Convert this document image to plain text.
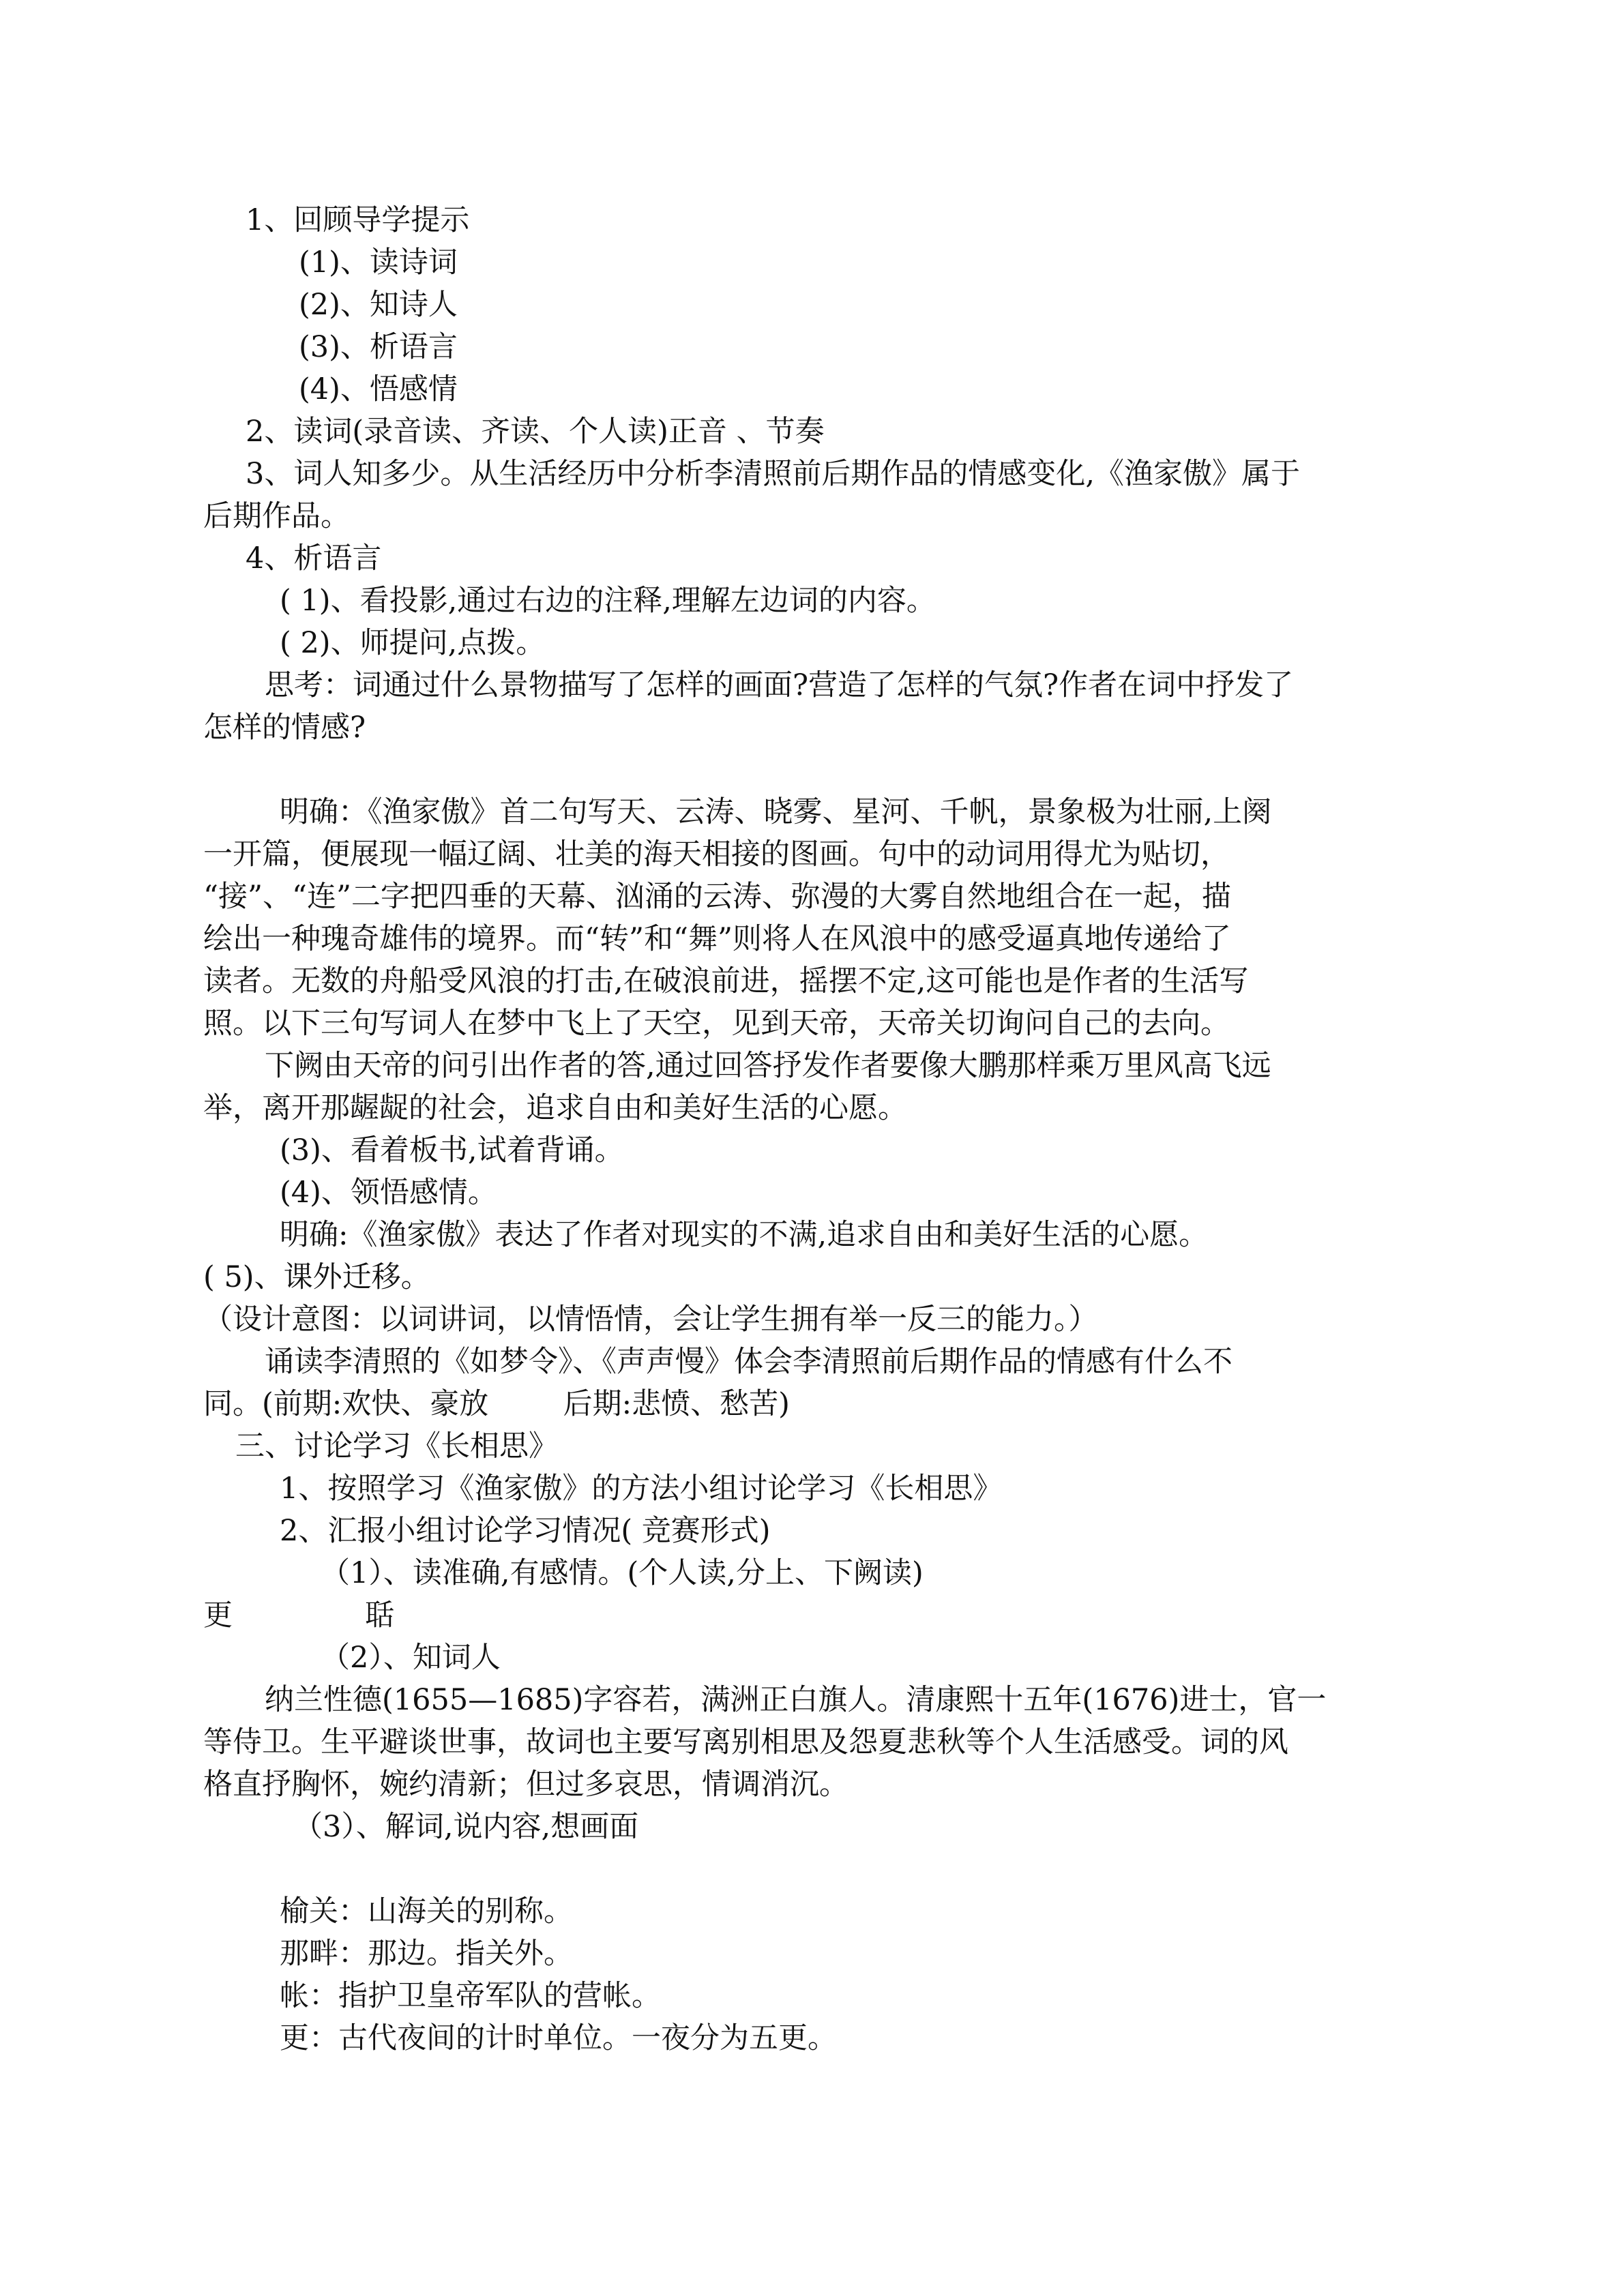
1、回顾导学提示
(1)、读诗词
(2)、知诗人
(3)、析语言
(4)、悟感情
2、读词(录音读、齐读、个人读)正音 、节奏
3、词人知多少。从生活经历中分析李清照前后期作品的情感变化,《渔家傲》属于
后期作品。
4、析语言
( 1)、看投影,通过右边的注释,理解左边词的内容。
( 2)、师提问,点拨。
思考：词通过什么景物描写了怎样的画面?营造了怎样的气氛?作者在词中抒发了
怎样的情感?
明确：《渔家傲》首二句写天、云涛、晓雾、星河、千帆，景象极为壮丽,上阕
一开篇，便展现一幅辽阔、壮美的海天相接的图画。句中的动词用得尤为贴切，
“接”、“连”二字把四垂的天幕、汹涌的云涛、弥漫的大雾自然地组合在一起，描
绘出一种瑰奇雄伟的境界。而“转”和“舞”则将人在风浪中的感受逼真地传递给了
读者。无数的舟船受风浪的打击,在破浪前进，摇摆不定,这可能也是作者的生活写
照。以下三句写词人在梦中飞上了天空，见到天帝，天帝关切询问自己的去向。
下阙由天帝的问引出作者的答,通过回答抒发作者要像大鹏那样乘万里风高飞远
举，离开那龌龊的社会，追求自由和美好生活的心愿。
(3)、看着板书,试着背诵。
(4)、领悟感情。
明确:《渔家傲》表达了作者对现实的不满,追求自由和美好生活的心愿。
( 5)、课外迁移。
（设计意图：以词讲词，以情悟情，会让学生拥有举一反三的能力。）
诵读李清照的《如梦令》、《声声慢》体会李清照前后期作品的情感有什么不
同。(前期:欢快、豪放        后期:悲愤、愁苦)
三、讨论学习《长相思》
1、按照学习《渔家傲》的方法小组讨论学习《长相思》
2、汇报小组讨论学习情况( 竞赛形式)
（1）、读准确,有感情。(个人读,分上、下阙读)
更	聒
（2）、知词人
纳兰性德(1655—1685)字容若，满洲正白旗人。清康熙十五年(1676)进士，官一
等侍卫。生平避谈世事，故词也主要写离别相思及怨夏悲秋等个人生活感受。词的风
格直抒胸怀，婉约清新；但过多哀思，情调消沉。
（3）、解词,说内容,想画面
榆关：山海关的别称。
那畔：那边。指关外。
帐：指护卫皇帝军队的营帐。
更：古代夜间的计时单位。一夜分为五更。
